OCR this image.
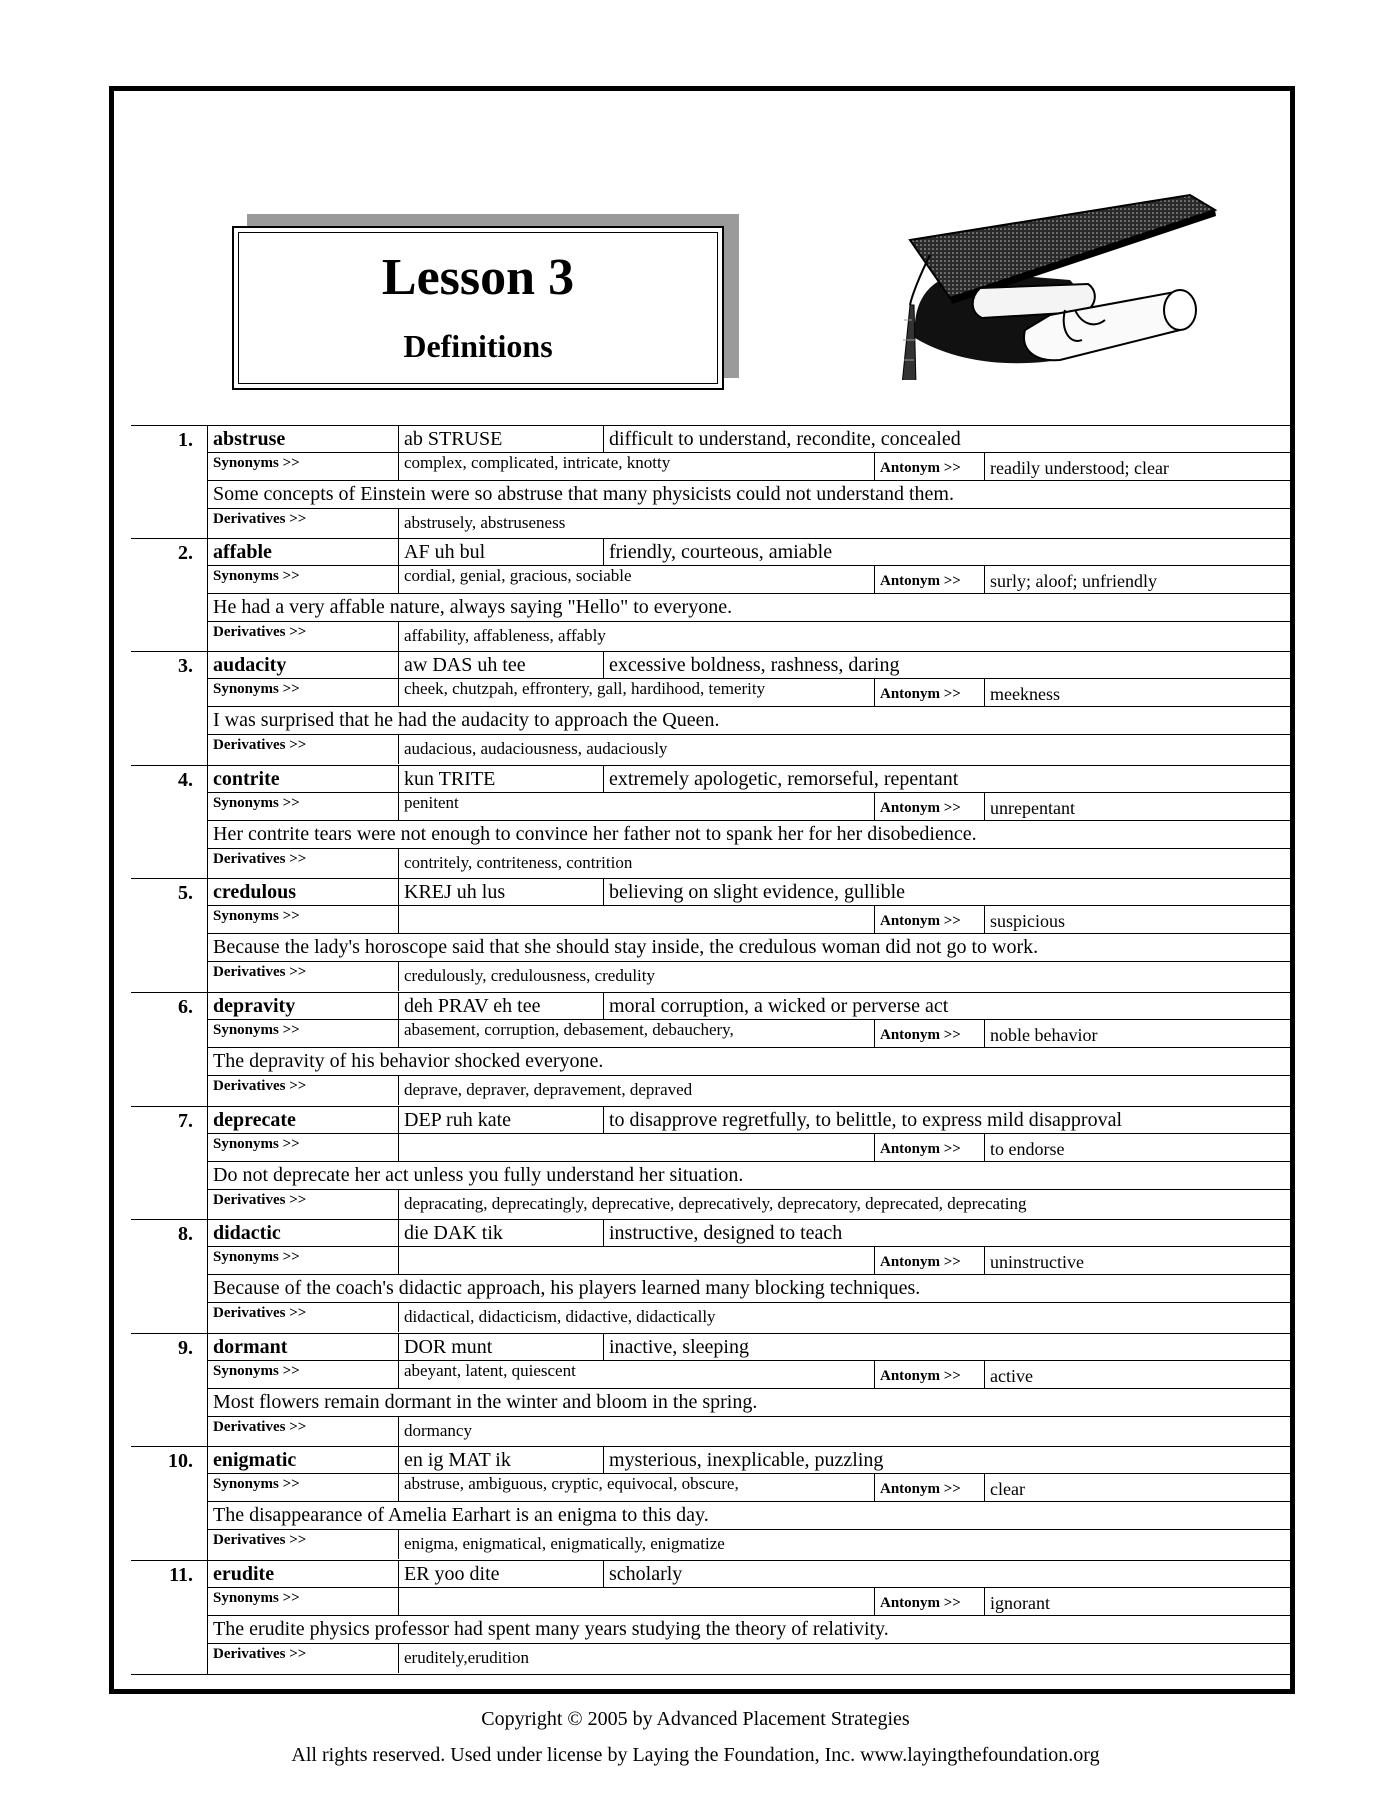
Lesson 3
Definitions
1. abstruse	ab STRUSE	difficult to understand, recondite, concealed
Synonyms >>	complex, complicated, intricate, knotty	Antonym >>	readily understood; clear
Some concepts of Einstein were so abstruse that many physicists could not understand them.
Derivatives >>	abstrusely, abstruseness
2. affable	AF uh bul	friendly, courteous, amiable
Synonyms >>	cordial, genial, gracious, sociable	Antonym >>	surly; aloof; unfriendly
He had a very affable nature, always saying "Hello" to everyone.
Derivatives >>	affability, affableness, affably
3. audacity	aw DAS uh tee	excessive boldness, rashness, daring
Synonyms >>	cheek, chutzpah, effrontery, gall, hardihood, temerity	Antonym >>	meekness
I was surprised that he had the audacity to approach the Queen.
Derivatives >>	audacious, audaciousness, audaciously
4. contrite	kun TRITE	extremely apologetic, remorseful, repentant
Synonyms >>	penitent	Antonym >>	unrepentant
Her contrite tears were not enough to convince her father not to spank her for her disobedience.
Derivatives >>	contritely, contriteness, contrition
5. credulous	KREJ uh lus	believing on slight evidence, gullible
Synonyms >>	Antonym >>	suspicious
Because the lady's horoscope said that she should stay inside, the credulous woman did not go to work.
Derivatives >>	credulously, credulousness, credulity
6. depravity	deh PRAV eh tee	moral corruption, a wicked or perverse act
Synonyms >>	abasement, corruption, debasement, debauchery,	Antonym >>	noble behavior
The depravity of his behavior shocked everyone.
Derivatives >>	deprave, depraver, depravement, depraved
7. deprecate	DEP ruh kate	to disapprove regretfully, to belittle, to express mild disapproval
Synonyms >>	Antonym >>	to endorse
Do not deprecate her act unless you fully understand her situation.
Derivatives >>	depracating, deprecatingly, deprecative, deprecatively, deprecatory, deprecated, deprecating
8. didactic	die DAK tik	instructive, designed to teach
Synonyms >>	Antonym >>	uninstructive
Because of the coach's didactic approach, his players learned many blocking techniques.
Derivatives >>	didactical, didacticism, didactive, didactically
9. dormant	DOR munt	inactive, sleeping
Synonyms >>	abeyant, latent, quiescent	Antonym >>	active
Most flowers remain dormant in the winter and bloom in the spring.
Derivatives >>	dormancy
10. enigmatic	en ig MAT ik	mysterious, inexplicable, puzzling
Synonyms >>	abstruse, ambiguous, cryptic, equivocal, obscure,	Antonym >>	clear
The disappearance of Amelia Earhart is an enigma to this day.
Derivatives >>	enigma, enigmatical, enigmatically, enigmatize
11. erudite	ER yoo dite	scholarly
Synonyms >>	Antonym >>	ignorant
The erudite physics professor had spent many years studying the theory of relativity.
Derivatives >>	eruditely,erudition
Copyright © 2005 by Advanced Placement Strategies
All rights reserved. Used under license by Laying the Foundation, Inc. www.layingthefoundation.org
